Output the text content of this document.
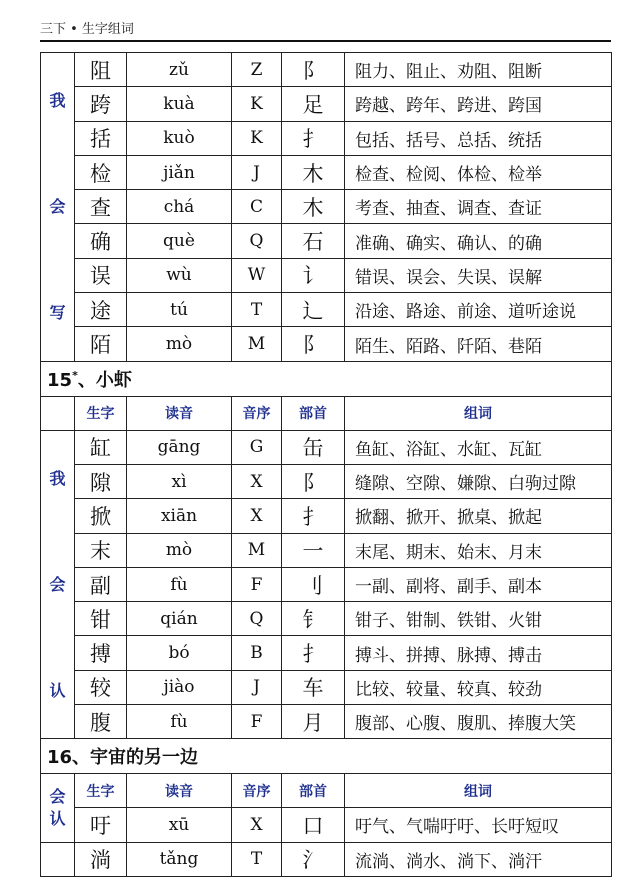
三下 • 生字组词
我
会
写	阻	zǔ	Z	阝	阻力、阻止、劝阻、阻断
	跨	kuà	K	足	跨越、跨年、跨进、跨国
	括	kuò	K	扌	包括、括号、总括、统括
	检	jiǎn	J	木	检查、检阅、体检、检举
	查	chá	C	木	考查、抽查、调查、查证
	确	què	Q	石	准确、确实、确认、的确
	误	wù	W	讠	错误、误会、失误、误解
	途	tú	T	辶	沿途、路途、前途、道听途说
	陌	mò	M	阝	陌生、陌路、阡陌、巷陌
15*、小虾					
	生字	读音	音序	部首	组词

我
会
认	缸	gāng	G	缶	鱼缸、浴缸、水缸、瓦缸
	隙	xì	X	阝	缝隙、空隙、嫌隙、白驹过隙
	掀	xiān	X	扌	掀翻、掀开、掀桌、掀起
	末	mò	M	一	末尾、期末、始末、月末
	副	fù	F	刂	一副、副将、副手、副本
	钳	qián	Q	钅	钳子、钳制、铁钳、火钳
	搏	bó	B	扌	搏斗、拼搏、脉搏、搏击
	较	jiào	J	车	比较、较量、较真、较劲
	腹	fù	F	月	腹部、心腹、腹肌、捧腹大笑
16、宇宙的另一边					

会
认	生字	读音	音序	部首	组词
	吁	xū	X	口	吁气、气喘吁吁、长吁短叹
	淌	tǎng	T	氵	流淌、淌水、淌下、淌汗
